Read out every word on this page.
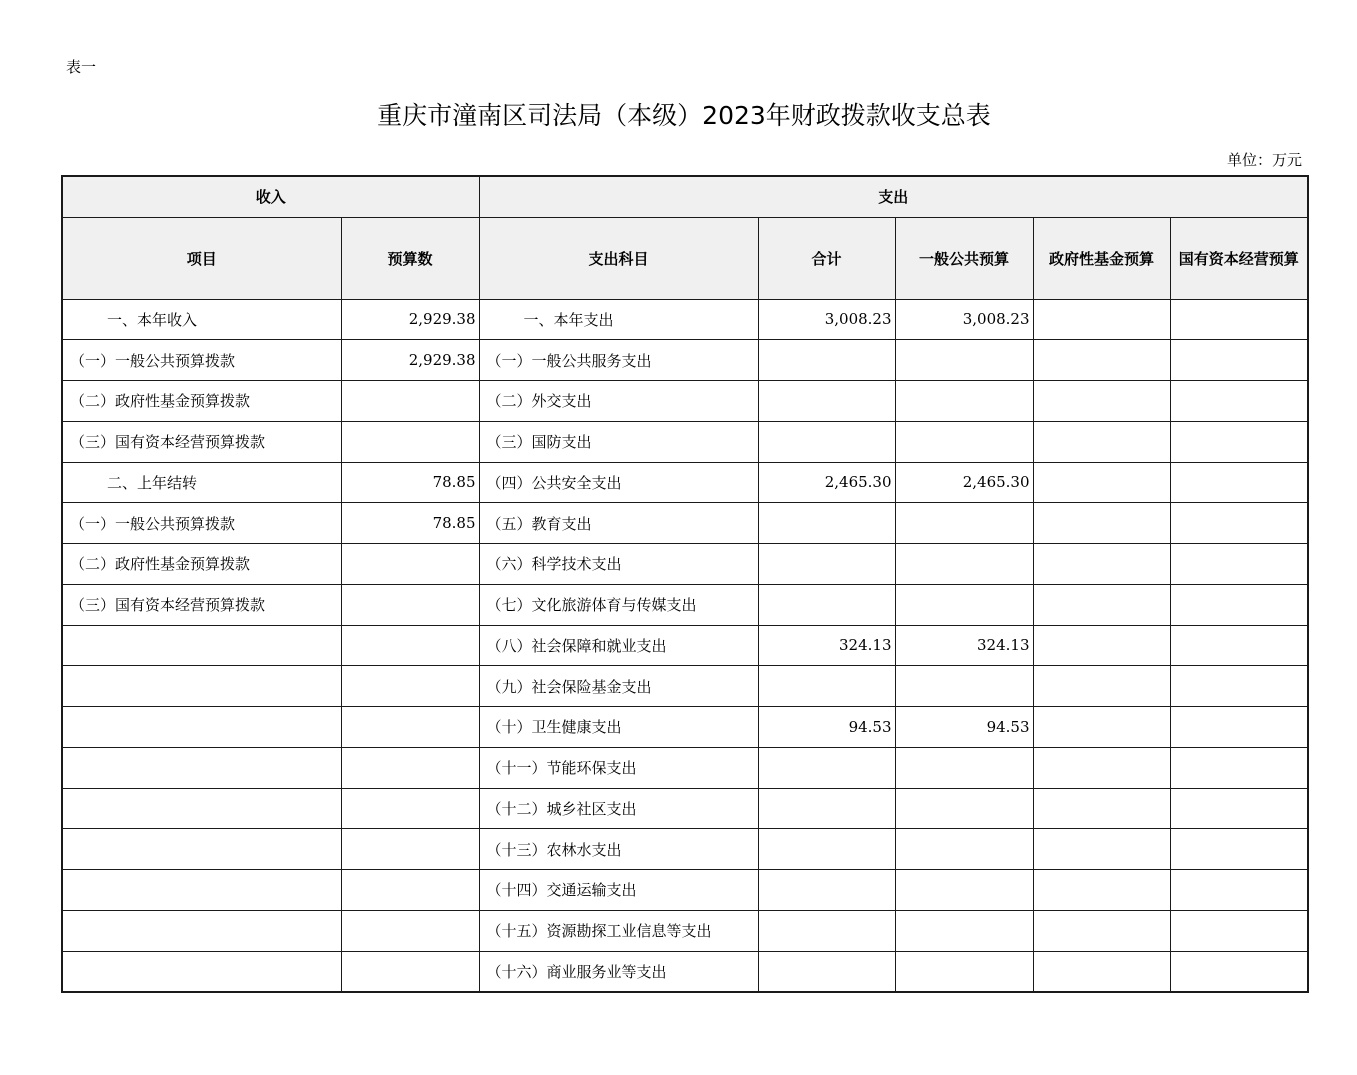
表一
重庆市潼南区司法局（本级）2023年财政拨款收支总表
单位：万元
收入		支出				
项目	预算数	支出科目	合计	一般公共预算	政府性基金预算	国有资本经营预算
一、本年收入	2,929.38	一、本年支出	3,008.23	3,008.23		
（一）一般公共预算拨款	2,929.38	（一）一般公共服务支出				
（二）政府性基金预算拨款		（二）外交支出				
（三）国有资本经营预算拨款		（三）国防支出				
二、上年结转	78.85	（四）公共安全支出	2,465.30	2,465.30		
（一）一般公共预算拨款	78.85	（五）教育支出				
（二）政府性基金预算拨款		（六）科学技术支出				
（三）国有资本经营预算拨款		（七）文化旅游体育与传媒支出				
		（八）社会保障和就业支出	324.13	324.13		
		（九）社会保险基金支出				
		（十）卫生健康支出	94.53	94.53		
		（十一）节能环保支出				
		（十二）城乡社区支出				
		（十三）农林水支出				
		（十四）交通运输支出				
		（十五）资源勘探工业信息等支出				
		（十六）商业服务业等支出				
